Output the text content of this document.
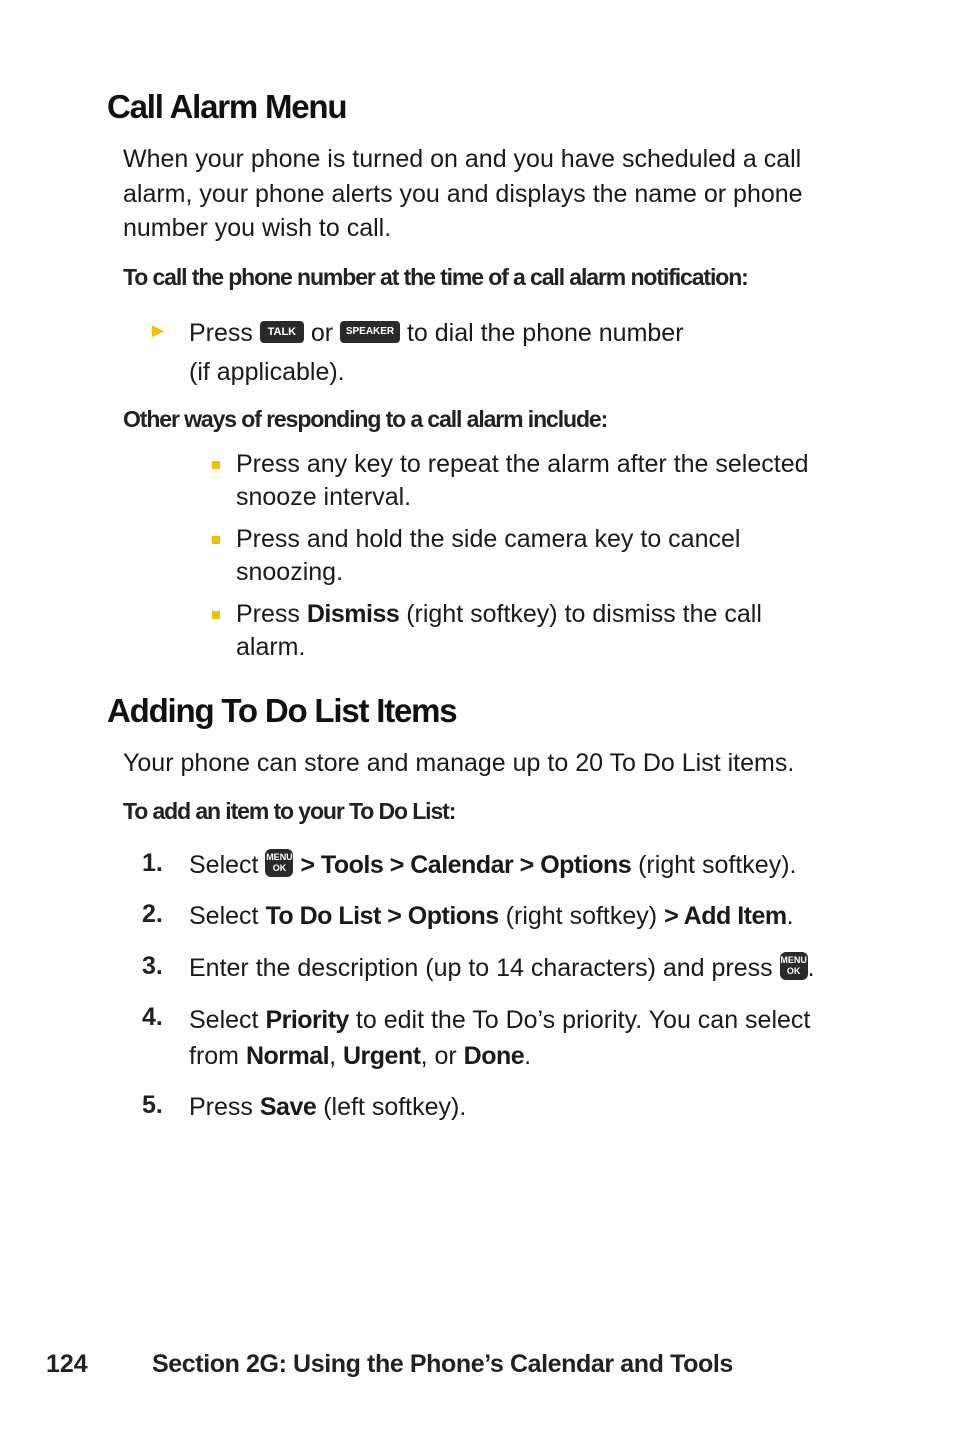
Call Alarm Menu
When your phone is turned on and you have scheduled a call
alarm, your phone alerts you and displays the name or phone
number you wish to call.
To call the phone number at the time of a call alarm notification:
► Press TALK or SPEAKER to dial the phone number
(if applicable).
Other ways of responding to a call alarm include:
Press any key to repeat the alarm after the selected
snooze interval.
Press and hold the side camera key to cancel
snoozing.
Press Dismiss (right softkey) to dismiss the call
alarm.
Adding To Do List Items
Your phone can store and manage up to 20 To Do List items.
To add an item to your To Do List:
1. Select MENU
OK > Tools > Calendar > Options (right softkey).
2. Select To Do List > Options (right softkey) > Add Item.
3. Enter the description (up to 14 characters) and press MENU
OK .
4. Select Priority to edit the To Do’s priority. You can select
from Normal, Urgent, or Done.
5. Press Save (left softkey).
124	Section 2G: Using the Phone’s Calendar and Tools
